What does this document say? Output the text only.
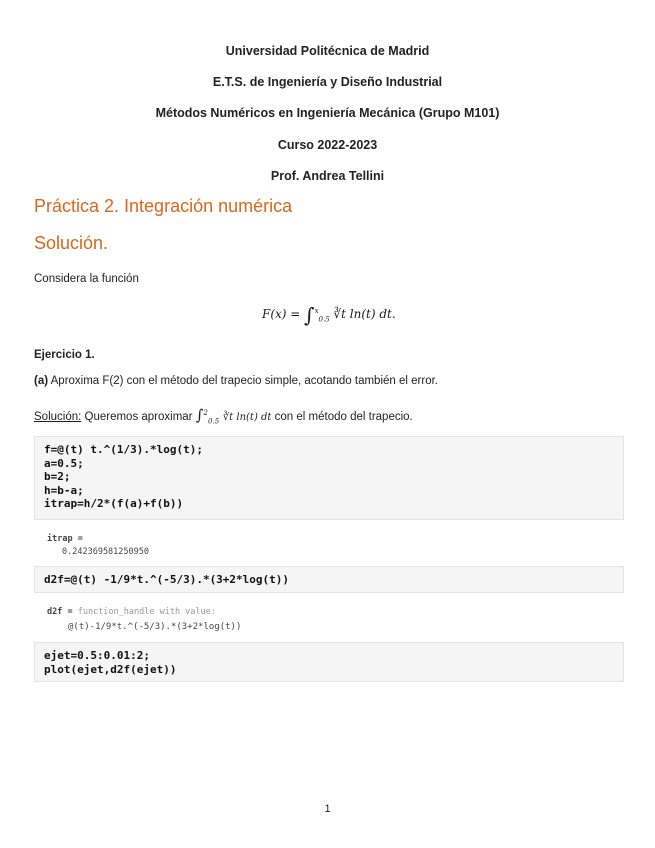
Universidad Politécnica de Madrid
E.T.S. de Ingeniería y Diseño Industrial
Métodos Numéricos en Ingeniería Mecánica (Grupo M101)
Curso 2022-2023
Prof. Andrea Tellini
Práctica 2. Integración numérica
Solución.
Considera la función
F(x) = ∫$^x_{0.5}$ ∛t ln(t) dt.
Ejercicio 1.
(a) Aproxima F(2) con el método del trapecio simple, acotando también el error.
Solución: Queremos aproximar ∫$^2_{0.5}$ ∛t ln(t) dt con el método del trapecio.
f=@(t) t.^(1/3).*log(t);
a=0.5;
b=2;
h=b-a;
itrap=h/2*(f(a)+f(b))
itrap =
0.242369581250950
d2f=@(t) -1/9*t.^(-5/3).*(3+2*log(t))
d2f = function_handle with value:
@(t)-1/9*t.^(-5/3).*(3+2*log(t))
ejet=0.5:0.01:2;
plot(ejet,d2f(ejet))
1
